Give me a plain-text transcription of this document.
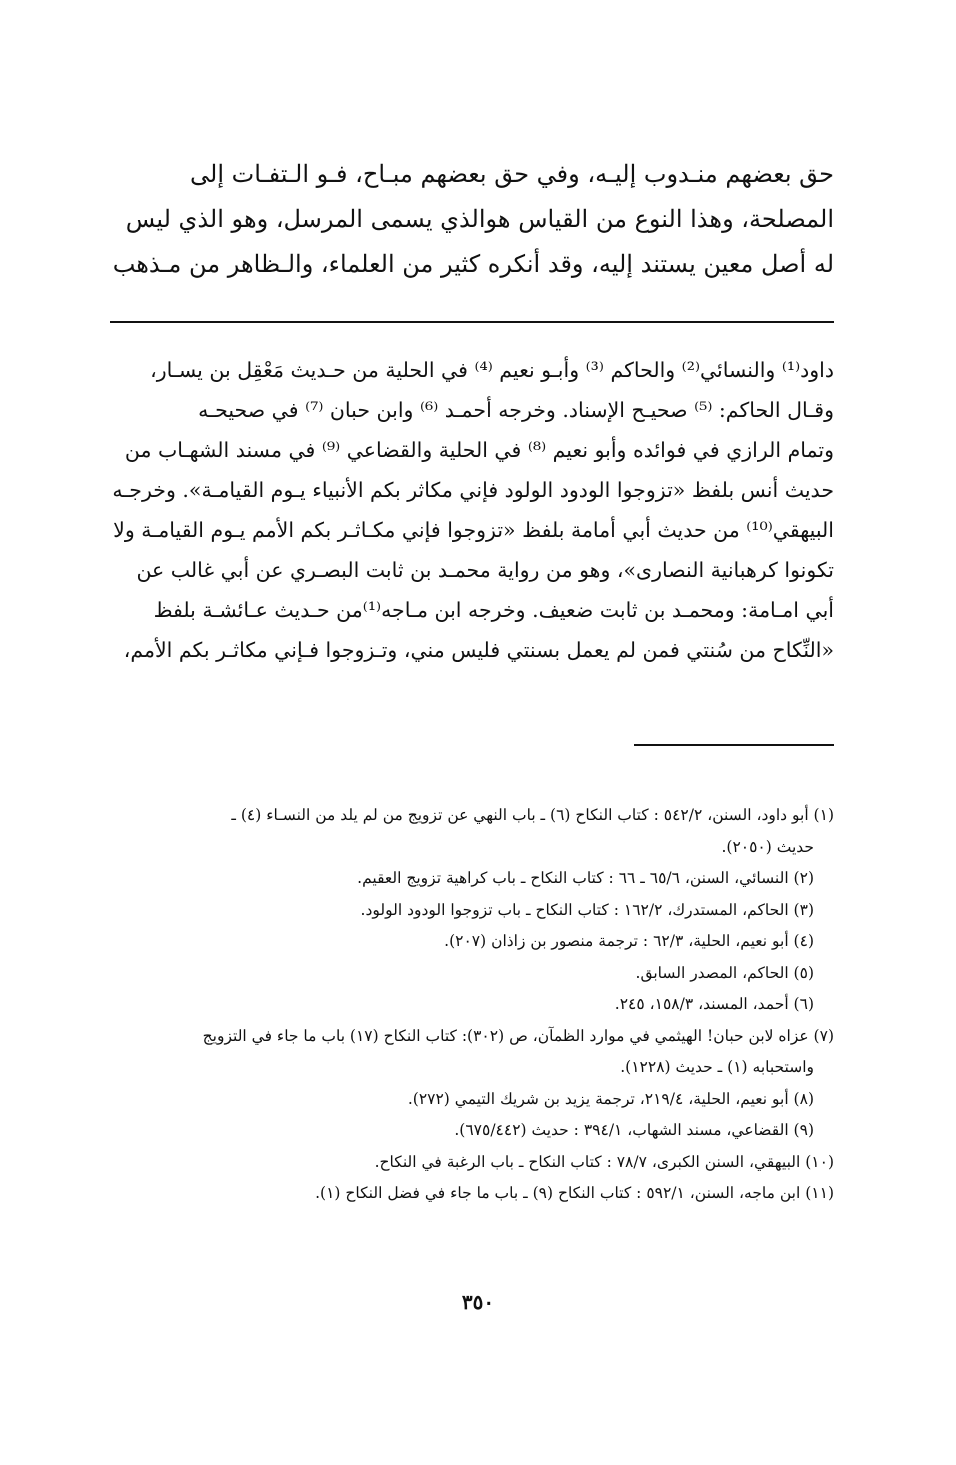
حق بعضهم منـدوب إليـه، وفي حق بعضهم مبـاح، فـو الـتفـات إلى

المصلحة، وهذا النوع من القياس هوالذي يسمى المرسل، وهو الذي ليس

له أصل معين يستند إليه، وقد أنكره كثير من العلماء، والـظاهر من مـذهب

داود⁽¹⁾ والنسائي⁽²⁾ والحاكم ⁽³⁾ وأبـو نعيم ⁽⁴⁾ في الحلية من حـديث مَعْقِل بن يسـار،

وقـال الحاكم: ⁽⁵⁾ صحيـح الإسناد. وخرجه أحمـد ⁽⁶⁾ وابن حبان ⁽⁷⁾ في صحيحـه

وتمام الرازي في فوائده وأبو نعيم ⁽⁸⁾ في الحلية والقضاعي ⁽⁹⁾ في مسند الشهـاب من

حديث أنس بلفظ «تزوجوا الودود الولود فإني مكاثر بكم الأنبياء يـوم القيامـة». وخرجـه

البيهقي⁽¹⁰⁾ من حديث أبي أمامة بلفظ «تزوجوا فإني مكـاثـر بكم الأمم يـوم القيامـة ولا

تكونوا كرهبانية النصارى»، وهو من رواية محمـد بن ثابت البصـري عن أبي غالب عن

أبي امـامة: ومحمـد بن ثابت ضعيف. وخرجه ابن مـاجه⁽¹⁾من حـديث عـائشـة بلفظ

«النِّكاح من سُنتي فمن لم يعمل بسنتي فليس مني، وتـزوجوا فـإني مكاثـر بكم الأمم،

(١) أبو داود، السنن، ٥٤٢/٢ : كتاب النكاح (٦) ـ باب النهي عن تزويج من لم يلد من النسـاء (٤) ـ
حديث (٢٠٥٠).

(٢) النسائي، السنن، ٦٥/٦ ـ ٦٦ : كتاب النكاح ـ باب كراهية تزويج العقيم.

(٣) الحاكم، المستدرك، ١٦٢/٢ : كتاب النكاح ـ باب تزوجوا الودود الولود.

(٤) أبو نعيم، الحلية، ٦٢/٣ : ترجمة منصور بن زاذان (٢٠٧).

(٥) الحاكم، المصدر السابق.

(٦) أحمد، المسند، ١٥٨/٣، ٢٤٥.

(٧) عزاه لابن حبان! الهيثمي في موارد الظمآن، ص (٣٠٢): كتاب النكاح (١٧) باب ما جاء في التزويج
واستحبابه (١) ـ حديث (١٢٢٨).

(٨) أبو نعيم، الحلية، ٢١٩/٤، ترجمة يزيد بن شريك التيمي (٢٧٢).

(٩) القضاعي، مسند الشهاب، ٣٩٤/١ : حديث (٦٧٥/٤٤٢).

(١٠) البيهقي، السنن الكبرى، ٧٨/٧ : كتاب النكاح ـ باب الرغبة في النكاح.

(١١) ابن ماجه، السنن، ٥٩٢/١ : كتاب النكاح (٩) ـ باب ما جاء في فضل النكاح (١).

٣٥٠
